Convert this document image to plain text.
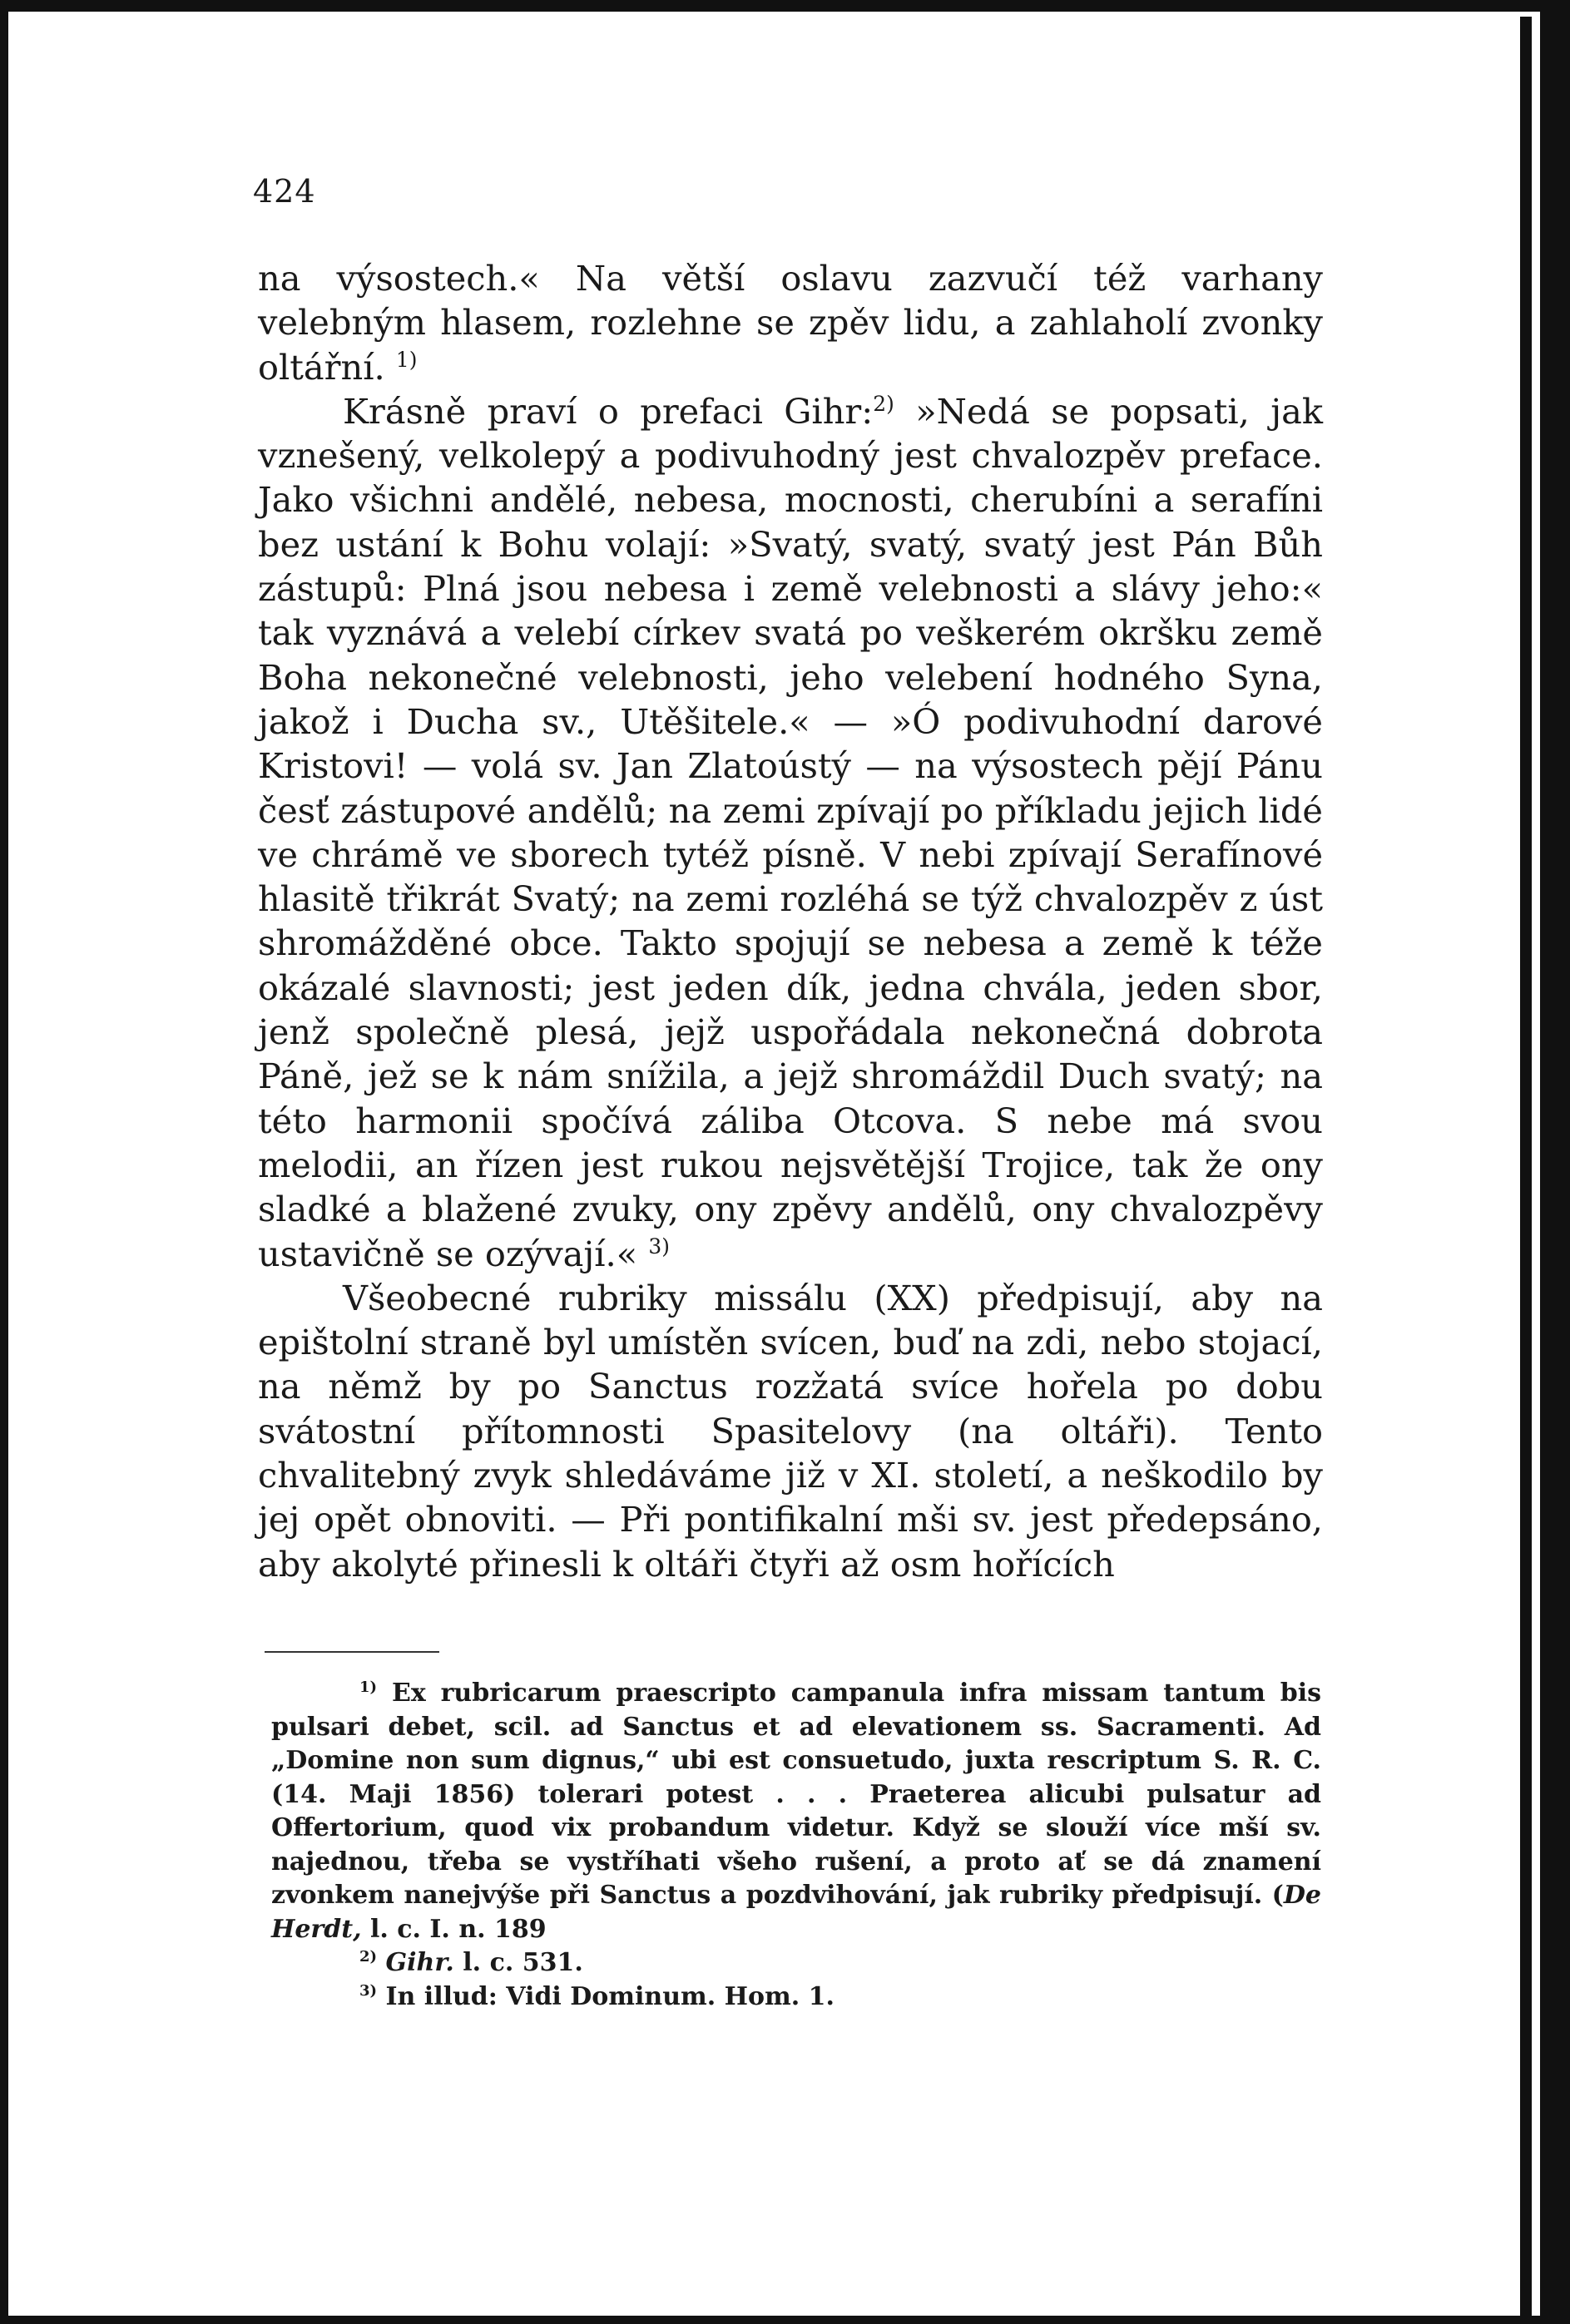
424

na výsostech.« Na větší oslavu zazvučí též varhany velebným hlasem, rozlehne se zpěv lidu, a zahlaholí zvonky oltářní. $^{1)}$

Krásně praví o prefaci Gihr:$^{2)}$ »Nedá se popsati, jak vznešený, velkolepý a podivuhodný jest chvalozpěv preface. Jako všichni andělé, nebesa, mocnosti, cherubíni a serafíni bez ustání k Bohu volají: »Svatý, svatý, svatý jest Pán Bůh zástupů: Plná jsou nebesa i země velebnosti a slávy jeho:« tak vyznává a velebí církev svatá po veškerém okršku země Boha nekonečné velebnosti, jeho velebení hodného Syna, jakož i Ducha sv., Utěšitele.« — »Ó podivuhodní darové Kristovi! — volá sv. Jan Zlatoústý — na výsostech pějí Pánu česť zástupové andělů; na zemi zpívají po příkladu jejich lidé ve chrámě ve sborech tytéž písně. V nebi zpívají Serafínové hlasitě třikrát Svatý; na zemi rozléhá se týž chvalozpěv z úst shromážděné obce. Takto spojují se nebesa a země k téže okázalé slavnosti; jest jeden dík, jedna chvála, jeden sbor, jenž společně plesá, jejž uspořádala nekonečná dobrota Páně, jež se k nám snížila, a jejž shromáždil Duch svatý; na této harmonii spočívá záliba Otcova. S nebe má svou melodii, an řízen jest rukou nejsvětější Trojice, tak že ony sladké a blažené zvuky, ony zpěvy andělů, ony chvalozpěvy ustavičně se ozývají.« $^{3)}$

Všeobecné rubriky missálu (XX) předpisují, aby na epištolní straně byl umístěn svícen, buď na zdi, nebo stojací, na němž by po Sanctus rozžatá svíce hořela po dobu svátostní přítomnosti Spasitelovy (na oltáři). Tento chvalitebný zvyk shledáváme již v XI. století, a neškodilo by jej opět obnoviti. — Při pontifikalní mši sv. jest předepsáno, aby akolyté přinesli k oltáři čtyři až osm hořících

$^{1)}$ Ex rubricarum praescripto campanula infra missam tantum bis pulsari debet, scil. ad Sanctus et ad elevationem ss. Sacramenti. Ad „Domine non sum dignus,“ ubi est consuetudo, juxta rescriptum S. R. C. (14. Maji 1856) tolerari potest . . . Praeterea alicubi pulsatur ad Offertorium, quod vix probandum videtur. Když se slouží více mší sv. najednou, třeba se vystříhati všeho rušení, a proto ať se dá znamení zvonkem nanejvýše při Sanctus a pozdvihování, jak rubriky předpisují. (De Herdt, l. c. I. n. 189

$^{2)}$ Gihr. l. c. 531.

$^{3)}$ In illud: Vidi Dominum. Hom. 1.
